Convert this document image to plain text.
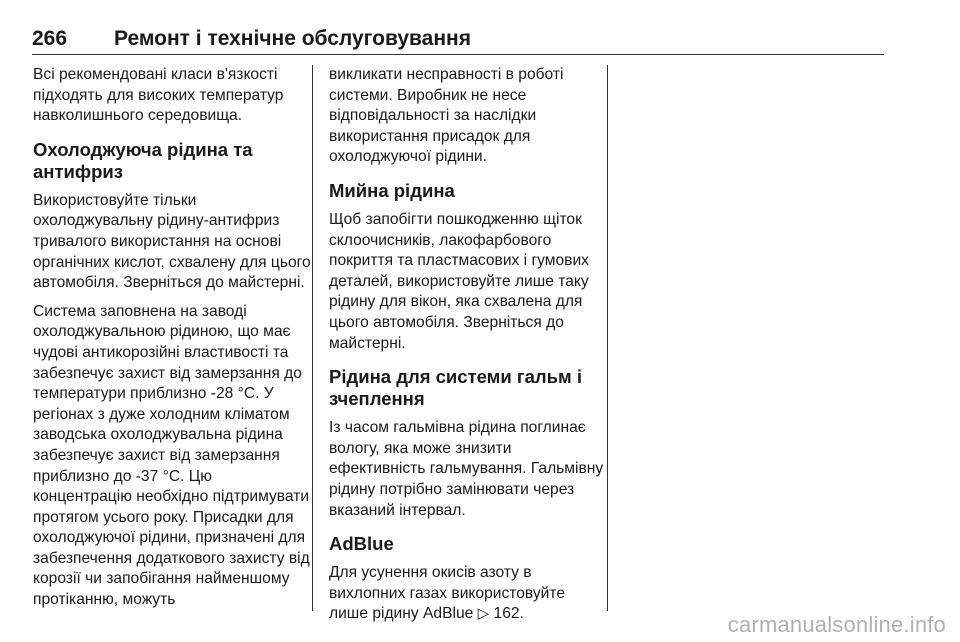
266 Ремонт і технічне обслуговування

Всі рекомендовані класи в'язкості підходять для високих температур навколишнього середовища.

Охолоджуюча рідина та антифриз

Використовуйте тільки охолоджувальну рідину-антифриз тривалого використання на основі органічних кислот, схвалену для цього автомобіля. Зверніться до майстерні.

Система заповнена на заводі охолоджувальною рідиною, що має чудові антикорозійні властивості та забезпечує захист від замерзання до температури приблизно -28 °C. У регіонах з дуже холодним кліматом заводська охолоджувальна рідина забезпечує захист від замерзання приблизно до -37 °C. Цю концентрацію необхідно підтримувати протягом усього року. Присадки для охолоджуючої рідини, призначені для забезпечення додаткового захисту від корозії чи запобігання найменшому протіканню, можуть

викликати несправності в роботі системи. Виробник не несе відповідальності за наслідки використання присадок для охолоджуючої рідини.

Мийна рідина

Щоб запобігти пошкодженню щіток склоочисників, лакофарбового покриття та пластмасових і гумових деталей, використовуйте лише таку рідину для вікон, яка схвалена для цього автомобіля. Зверніться до майстерні.

Рідина для системи гальм і зчеплення

Із часом гальмівна рідина поглинає вологу, яка може знизити ефективність гальмування. Гальмівну рідину потрібно замінювати через вказаний інтервал.

AdBlue

Для усунення окисів азоту в вихлопних газах використовуйте лише рідину AdBlue ▷ 162.	carmanualsonline.info
